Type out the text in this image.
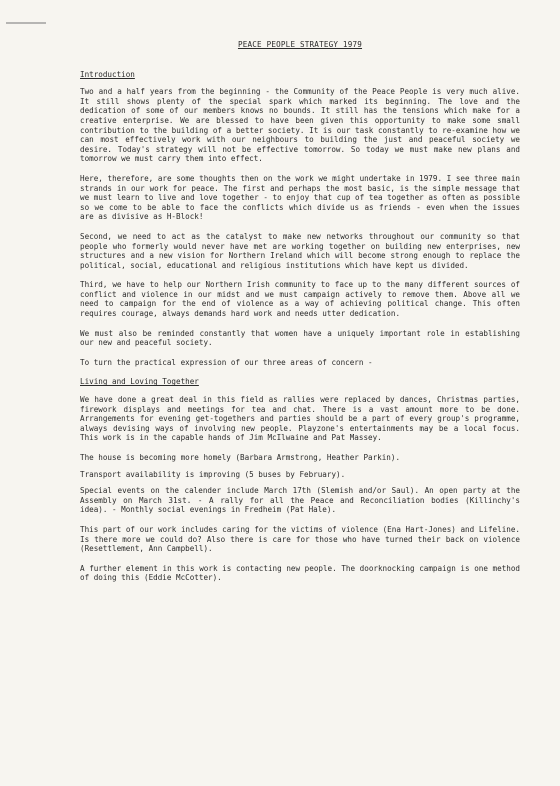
PEACE PEOPLE STRATEGY 1979
Introduction

Two and a half years from the beginning - the Community of the Peace People is very much alive. It still shows plenty of the special spark which marked its beginning. The love and the dedication of some of our members knows no bounds. It still has the tensions which make for a creative enterprise. We are blessed to have been given this opportunity to make some small contribution to the building of a better society. It is our task constantly to re-examine how we can most effectively work with our neighbours to building the just and peaceful society we desire. Today's strategy will not be effective tomorrow. So today we must make new plans and tomorrow we must carry them into effect.

Here, therefore, are some thoughts then on the work we might undertake in 1979. I see three main strands in our work for peace. The first and perhaps the most basic, is the simple message that we must learn to live and love together - to enjoy that cup of tea together as often as possible so we come to be able to face the conflicts which divide us as friends - even when the issues are as divisive as H-Block!

Second, we need to act as the catalyst to make new networks throughout our community so that people who formerly would never have met are working together on building new enterprises, new structures and a new vision for Northern Ireland which will become strong enough to replace the political, social, educational and religious institutions which have kept us divided.

Third, we have to help our Northern Irish community to face up to the many different sources of conflict and violence in our midst and we must campaign actively to remove them. Above all we need to campaign for the end of violence as a way of achieving political change. This often requires courage, always demands hard work and needs utter dedication.

We must also be reminded constantly that women have a uniquely important role in establishing our new and peaceful society.

To turn the practical expression of our three areas of concern -

Living and Loving Together

We have done a great deal in this field as rallies were replaced by dances, Christmas parties, firework displays and meetings for tea and chat. There is a vast amount more to be done. Arrangements for evening get-togethers and parties should be a part of every group's programme, always devising ways of involving new people. Playzone's entertainments may be a local focus. This work is in the capable hands of Jim McIlwaine and Pat Massey.

The house is becoming more homely (Barbara Armstrong, Heather Parkin).

Transport availability is improving (5 buses by February).

Special events on the calender include March 17th (Slemish and/or Saul). An open party at the Assembly on March 31st. - A rally for all the Peace and Reconciliation bodies (Killinchy's idea). - Monthly social evenings in Fredheim (Pat Hale).

This part of our work includes caring for the victims of violence (Ena Hart-Jones) and Lifeline. Is there more we could do? Also there is care for those who have turned their back on violence (Resettlement, Ann Campbell).

A further element in this work is contacting new people. The doorknocking campaign is one method of doing this (Eddie McCotter).
